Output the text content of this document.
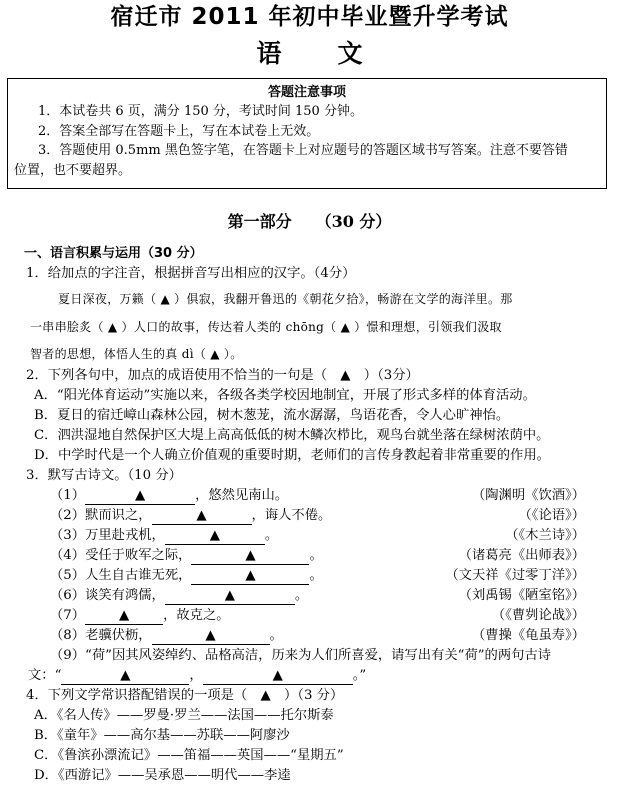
宿迁市 2011 年初中毕业暨升学考试
语文
答题注意事项

1．本试卷共 6 页，满分 150 分，考试时间 150 分钟。

2．答案全部写在答题卡上，写在本试卷上无效。

3．答题使用 0.5mm 黑色签字笔，在答题卡上对应题号的答题区域书写答案。注意不要答错

位置，也不要超界。

第一部分　　（30 分）
一、语言积累与运用（30 分）
1．给加点的字注音，根据拼音写出相应的汉字。（4分）
夏日深夜，万籁（ ▲ ）俱寂，我翻开鲁迅的《朝花夕拾》，畅游在文学的海洋里。那
一串串脍炙（ ▲ ）人口的故事，传达着人类的 chōng（ ▲ ）憬和理想，引领我们汲取
智者的思想，体悟人生的真 dì（ ▲ ）。
2．下列各句中，加点的成语使用不恰当的一句是（　▲　）（3分）
A．“阳光体育运动”实施以来，各级各类学校因地制宜，开展了形式多样的体育活动。
B．夏日的宿迁嶂山森林公园，树木葱茏，流水潺潺，鸟语花香，令人心旷神怡。
C．泗洪湿地自然保护区大堤上高高低低的树木鳞次栉比，观鸟台就坐落在绿树浓荫中。
D．中学时代是一个人确立价值观的重要时期，老师们的言传身教起着非常重要的作用。
3．默写古诗文。（10 分）
（1）	▲	，悠然见南山。	（陶渊明《饮酒》）
（2）默而识之，	▲	，诲人不倦。	（《论语》）
（3）万里赴戎机，	▲	。	（《木兰诗》）
（4）受任于败军之际，	▲	。	（诸葛亮《出师表》）
（5）人生自古谁无死，	▲	。	（文天祥《过零丁洋》）
（6）谈笑有鸿儒，	▲	。	（刘禹锡《陋室铭》）
（7）	▲	，故克之。	（《曹刿论战》）
（8）老骥伏枥，	▲	。	（曹操《龟虽寿》）
（9）“荷”因其风姿绰约、品格高洁，历来为人们所喜爱，请写出有关“荷”的两句古诗
文：“	▲	，	▲	。”
4．下列文学常识搭配错误的一项是（　▲　）（3 分）
A．《名人传》——罗曼·罗兰——法国——托尔斯泰
B．《童年》——高尔基——苏联——阿廖沙
C．《鲁滨孙漂流记》——笛福——英国——“星期五”
D．《西游记》——吴承恩——明代——李逵
